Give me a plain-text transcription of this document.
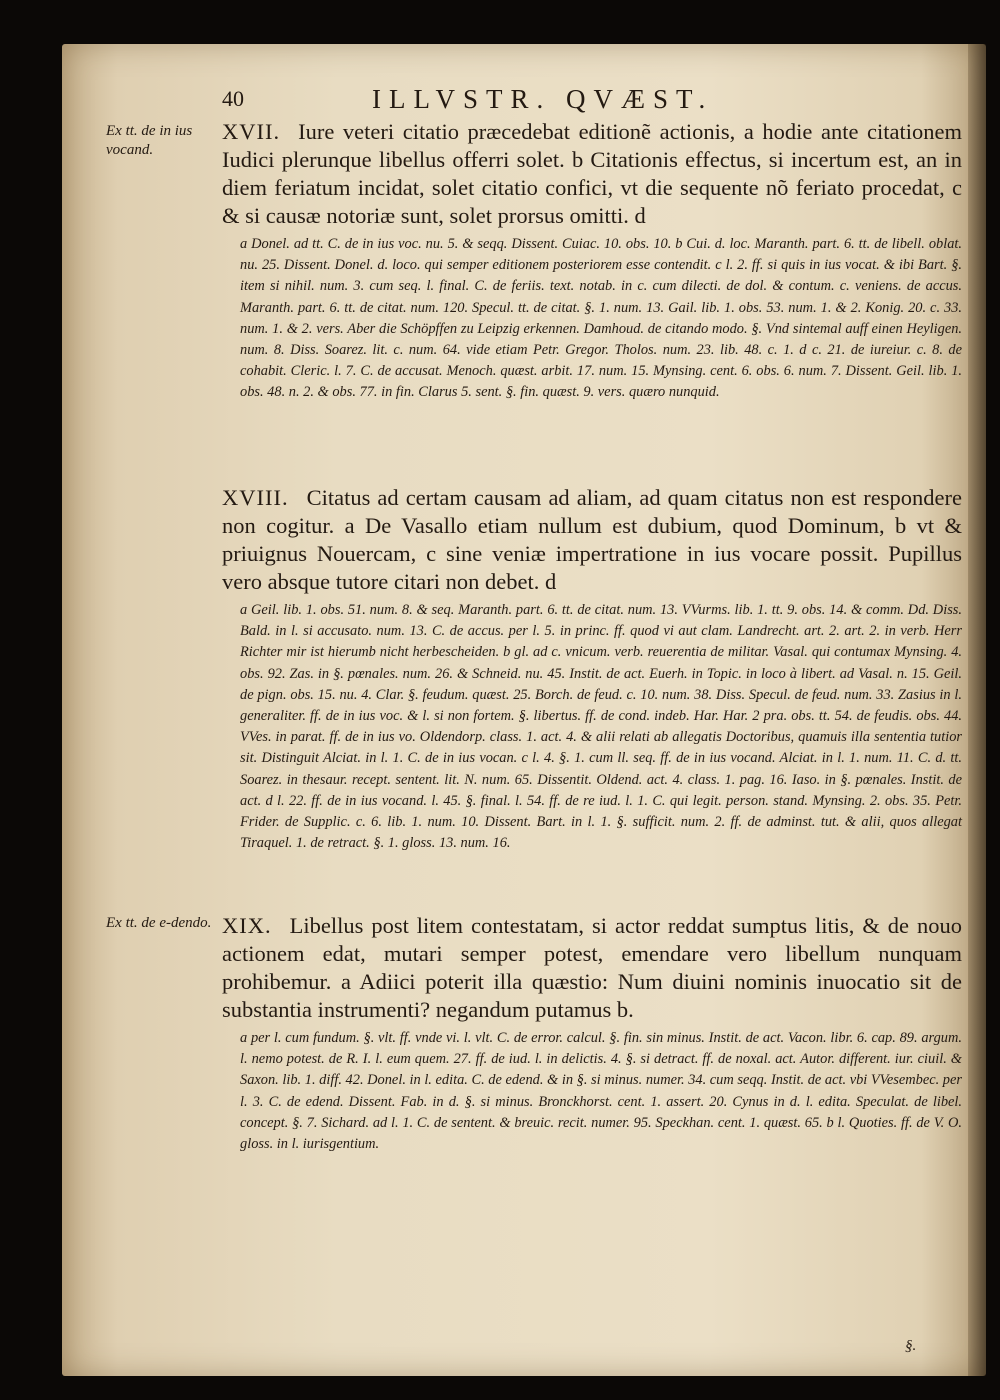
40	ILLVSTR. QVÆST.
Ex tt. de in ius vocand.
XVII. Iure veteri citatio præcedebat editionẽ actionis, a hodie ante citationem Iudici plerunque libellus offerri solet. b Citationis effectus, si incertum est, an in diem feriatum incidat, solet citatio confici, vt die sequente nõ feriato procedat, c & si causæ notoriæ sunt, solet prorsus omitti. d
a Donel. ad tt. C. de in ius voc. nu. 5. & seqq. Dissent. Cuiac. 10. obs. 10. b Cui. d. loc. Maranth. part. 6. tt. de libell. oblat. nu. 25. Dissent. Donel. d. loco. qui semper editionem posteriorem esse contendit. c l. 2. ff. si quis in ius vocat. & ibi Bart. §. item si nihil. num. 3. cum seq. l. final. C. de feriis. text. notab. in c. cum dilecti. de dol. & contum. c. veniens. de accus. Maranth. part. 6. tt. de citat. num. 120. Specul. tt. de citat. §. 1. num. 13. Gail. lib. 1. obs. 53. num. 1. & 2. Konig. 20. c. 33. num. 1. & 2. vers. Aber die Schöpffen zu Leipzig erkennen. Damhoud. de citando modo. §. Vnd sintemal auff einen Heyligen. num. 8. Diss. Soarez. lit. c. num. 64. vide etiam Petr. Gregor. Tholos. num. 23. lib. 48. c. 1. d c. 21. de iureiur. c. 8. de cohabit. Cleric. l. 7. C. de accusat. Menoch. quæst. arbit. 17. num. 15. Mynsing. cent. 6. obs. 6. num. 7. Dissent. Geil. lib. 1. obs. 48. n. 2. & obs. 77. in fin. Clarus 5. sent. §. fin. quæst. 9. vers. quæro nunquid.
XVIII. Citatus ad certam causam ad aliam, ad quam citatus non est respondere non cogitur. a De Vasallo etiam nullum est dubium, quod Dominum, b vt & priuignus Nouercam, c sine veniæ impertratione in ius vocare possit. Pupillus vero absque tutore citari non debet. d
a Geil. lib. 1. obs. 51. num. 8. & seq. Maranth. part. 6. tt. de citat. num. 13. VVurms. lib. 1. tt. 9. obs. 14. & comm. Dd. Diss. Bald. in l. si accusato. num. 13. C. de accus. per l. 5. in princ. ff. quod vi aut clam. Landrecht. art. 2. art. 2. in verb. Herr Richter mir ist hierumb nicht herbescheiden. b gl. ad c. vnicum. verb. reuerentia de militar. Vasal. qui contumax Mynsing. 4. obs. 92. Zas. in §. pœnales. num. 26. & Schneid. nu. 45. Instit. de act. Euerh. in Topic. in loco à libert. ad Vasal. n. 15. Geil. de pign. obs. 15. nu. 4. Clar. §. feudum. quæst. 25. Borch. de feud. c. 10. num. 38. Diss. Specul. de feud. num. 33. Zasius in l. generaliter. ff. de in ius voc. & l. si non fortem. §. libertus. ff. de cond. indeb. Har. Har. 2 pra. obs. tt. 54. de feudis. obs. 44. VVes. in parat. ff. de in ius vo. Oldendorp. class. 1. act. 4. & alii relati ab allegatis Doctoribus, quamuis illa sententia tutior sit. Distinguit Alciat. in l. 1. C. de in ius vocan. c l. 4. §. 1. cum ll. seq. ff. de in ius vocand. Alciat. in l. 1. num. 11. C. d. tt. Soarez. in thesaur. recept. sentent. lit. N. num. 65. Dissentit. Oldend. act. 4. class. 1. pag. 16. Iaso. in §. pœnales. Instit. de act. d l. 22. ff. de in ius vocand. l. 45. §. final. l. 54. ff. de re iud. l. 1. C. qui legit. person. stand. Mynsing. 2. obs. 35. Petr. Frider. de Supplic. c. 6. lib. 1. num. 10. Dissent. Bart. in l. 1. §. sufficit. num. 2. ff. de adminst. tut. & alii, quos allegat Tiraquel. 1. de retract. §. 1. gloss. 13. num. 16.
Ex tt. de e-dendo. XIX. Libellus post litem contestatam, si actor reddat sumptus litis, & de nouo actionem edat, mutari semper potest, emendare vero libellum nunquam prohibemur. a Adiici poterit illa quæstio: Num diuini nominis inuocatio sit de substantia instrumenti? negandum putamus b.
a per l. cum fundum. §. vlt. ff. vnde vi. l. vlt. C. de error. calcul. §. fin. sin minus. Instit. de act. Vacon. libr. 6. cap. 89. argum. l. nemo potest. de R. I. l. eum quem. 27. ff. de iud. l. in delictis. 4. §. si detract. ff. de noxal. act. Autor. different. iur. ciuil. & Saxon. lib. 1. diff. 42. Donel. in l. edita. C. de edend. & in §. si minus. numer. 34. cum seqq. Instit. de act. vbi VVesembec. per l. 3. C. de edend. Dissent. Fab. in d. §. si minus. Bronckhorst. cent. 1. assert. 20. Cynus in d. l. edita. Speculat. de libel. concept. §. 7. Sichard. ad l. 1. C. de sentent. & breuic. recit. numer. 95. Speckhan. cent. 1. quæst. 65. b l. Quoties. ff. de V. O. gloss. in l. iurisgentium.
§.
